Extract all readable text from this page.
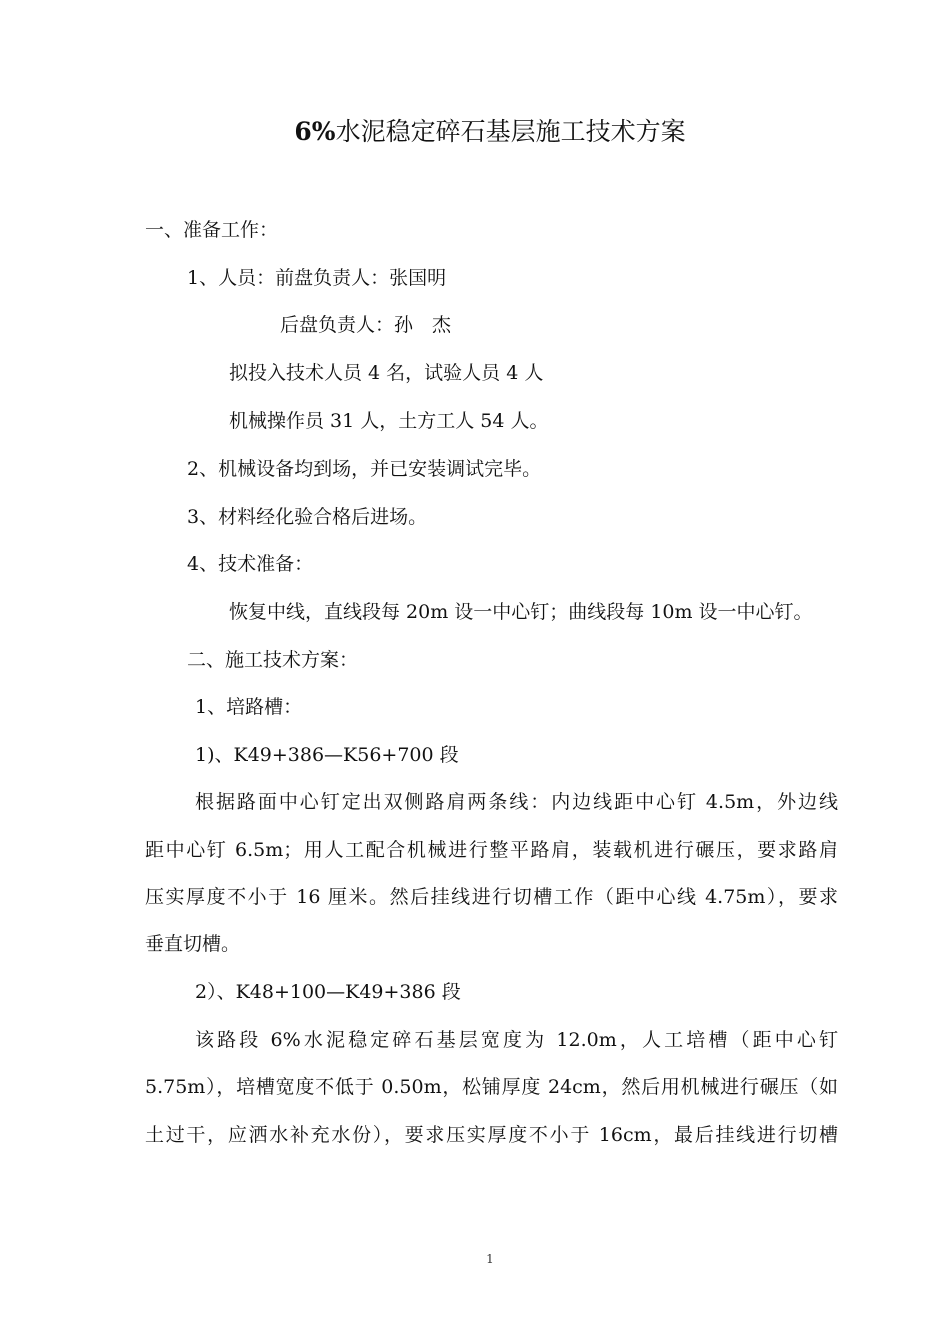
6%水泥稳定碎石基层施工技术方案
一、准备工作：
1、人员：前盘负责人：张国明
后盘负责人：孙　杰
拟投入技术人员 4 名，试验人员 4 人
机械操作员 31 人，土方工人 54 人。
2、机械设备均到场，并已安装调试完毕。
3、材料经化验合格后进场。
4、技术准备：
恢复中线，直线段每 20m 设一中心钉；曲线段每 10m 设一中心钉。
二、施工技术方案：
1、培路槽：
1)、K49+386—K56+700 段
根据路面中心钉定出双侧路肩两条线：内边线距中心钉 4.5m，外边线
距中心钉 6.5m；用人工配合机械进行整平路肩，装载机进行碾压，要求路肩
压实厚度不小于 16 厘米。然后挂线进行切槽工作（距中心线 4.75m），要求
垂直切槽。
2）、K48+100—K49+386 段
该路段 6%水泥稳定碎石基层宽度为 12.0m，人工培槽（距中心钉
5.75m），培槽宽度不低于 0.50m，松铺厚度 24cm，然后用机械进行碾压（如
土过干，应洒水补充水份），要求压实厚度不小于 16cm，最后挂线进行切槽
1
